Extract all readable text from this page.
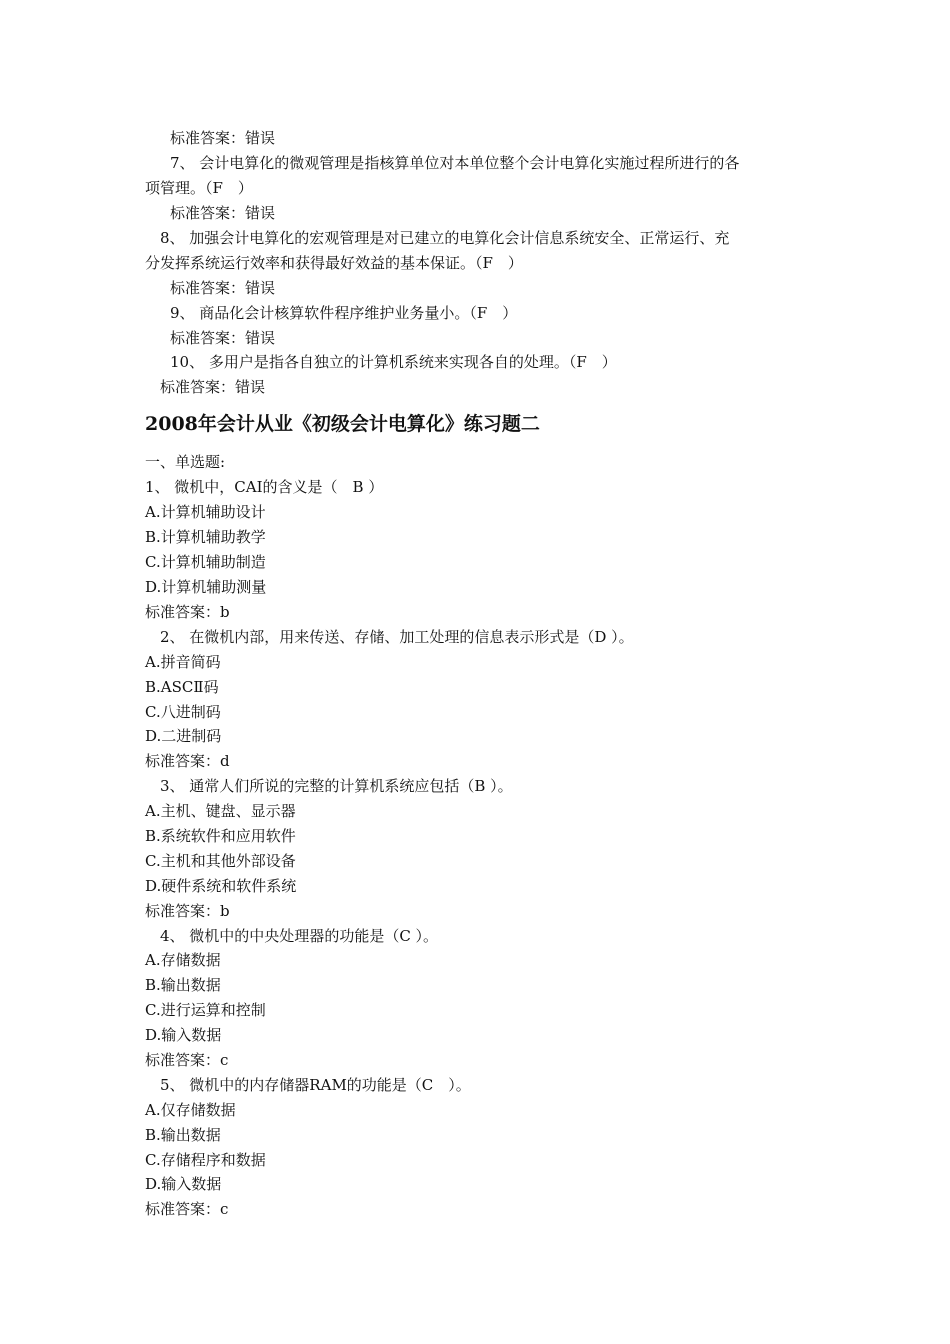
标准答案：错误
7、 会计电算化的微观管理是指核算单位对本单位整个会计电算化实施过程所进行的各
项管理。（F　）
标准答案：错误
8、 加强会计电算化的宏观管理是对已建立的电算化会计信息系统安全、正常运行、充
分发挥系统运行效率和获得最好效益的基本保证。（F　）
标准答案：错误
9、 商品化会计核算软件程序维护业务量小。（F　）
标准答案：错误
10、 多用户是指各自独立的计算机系统来实现各自的处理。（F　）
标准答案：错误
2008年会计从业《初级会计电算化》练习题二
一、单选题:
1、 微机中，CAI的含义是（　B ）
A.计算机辅助设计
B.计算机辅助教学
C.计算机辅助制造
D.计算机辅助测量
标准答案：b
2、 在微机内部，用来传送、存储、加工处理的信息表示形式是（D ）。
A.拼音简码
B.ASCⅡ码
C.八进制码
D.二进制码
标准答案：d
3、 通常人们所说的完整的计算机系统应包括（B ）。
A.主机、键盘、显示器
B.系统软件和应用软件
C.主机和其他外部设备
D.硬件系统和软件系统
标准答案：b
4、 微机中的中央处理器的功能是（C ）。
A.存储数据
B.输出数据
C.进行运算和控制
D.输入数据
标准答案：c
5、 微机中的内存储器RAM的功能是（C　）。
A.仅存储数据
B.输出数据
C.存储程序和数据
D.输入数据
标准答案：c
